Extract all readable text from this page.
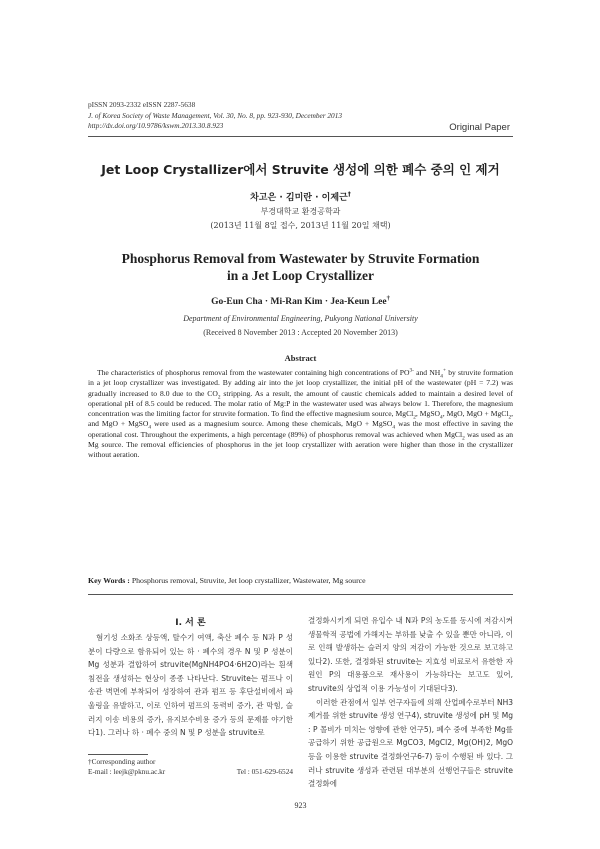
pISSN 2093-2332 eISSN 2287-5638
J. of Korea Society of Waste Management, Vol. 30, No. 8, pp. 923-930, December 2013
http://dx.doi.org/10.9786/kswm.2013.30.8.923	Original Paper
Jet Loop Crystallizer에서 Struvite 생성에 의한 폐수 중의 인 제거
차고은 · 김미란 · 이제근†
부경대학교 환경공학과
(2013년 11월 8일 접수, 2013년 11월 20일 채택)
Phosphorus Removal from Wastewater by Struvite Formation
in a Jet Loop Crystallizer
Go-Eun Cha · Mi-Ran Kim · Jea-Keun Lee†
Department of Environmental Engineering, Pukyong National University
(Received 8 November 2013 : Accepted 20 November 2013)
Abstract
The characteristics of phosphorus removal from the wastewater containing high concentrations of $PO^{3-}$ and $NH_4^+$ by struvite formation in a jet loop crystallizer was investigated. By adding air into the jet loop crystallizer, the initial pH of the wastewater (pH = 7.2) was gradually increased to 8.0 due to the $CO_2$ stripping. As a result, the amount of caustic chemicals added to maintain a desired level of operational pH of 8.5 could be reduced. The molar ratio of Mg:P in the wastewater used was always below 1. Therefore, the magnesium concentration was the limiting factor for struvite formation. To find the effective magnesium source, MgCl$_2$, MgSO$_4$, MgO, MgO + MgCl$_2$, and MgO + MgSO$_4$ were used as a magnesium source. Among these chemicals, MgO + MgSO$_4$ was the most effective in saving the operational cost. Throughout the experiments, a high percentage (89%) of phosphorus removal was achieved when MgCl$_2$ was used as an Mg source. The removal efficiencies of phosphorus in the jet loop crystallizer with aeration were higher than those in the crystallizer without aeration.
Key Words : Phosphorus removal, Struvite, Jet loop crystallizer, Wastewater, Mg source
I. 서 론

혐기성 소화조 상등액, 탈수기 여액, 축산 폐수 등 N과 P 성분이 다량으로 함유되어 있는 하 · 폐수의 경우 N 및 P 성분이 Mg 성분과 결합하여 struvite(MgNH4PO4·6H2O)라는 흰색 침전을 생성하는 현상이 종종 나타난다. Struvite는 펌프나 이송관 벽면에 부착되어 성장하여 관과 펌프 등 후단설비에서 파울링을 유발하고, 이로 인하여 펌프의 동력비 증가, 관 막힘, 슬러지 이송 비용의 증가, 유지보수비용 증가 등의 문제를 야기한다1). 그러나 하 · 폐수 중의 N 및 P 성분을 struvite로

결정화시키게 되면 유입수 내 N과 P의 농도를 동시에 저감시켜 생물학적 공법에 가해지는 부하를 낮출 수 있을 뿐만 아니라, 이로 인해 발생하는 슬러지 양의 저감이 가능한 것으로 보고하고 있다2). 또한, 결정화된 struvite는 지효성 비료로서 유한한 자원인 P의 대용품으로 재사용이 가능하다는 보고도 있어, struvite의 상업적 이용 가능성이 기대된다3).

이러한 관점에서 일부 연구자들에 의해 산업폐수로부터 NH3 제거를 위한 struvite 생성 연구4), struvite 생성에 pH 및 Mg : P 몰비가 미치는 영향에 관한 연구5), 폐수 중에 부족한 Mg를 공급하기 위한 공급원으로 MgCO3, MgCl2, Mg(OH)2, MgO 등을 이용한 struvite 결정화연구6-7) 등이 수행된 바 있다. 그러나 struvite 생성과 관련된 대부분의 선행연구들은 struvite 결정화에

†Corresponding author
E-mail : leejk@pknu.ac.kr	Tel : 051-629-6524
923
